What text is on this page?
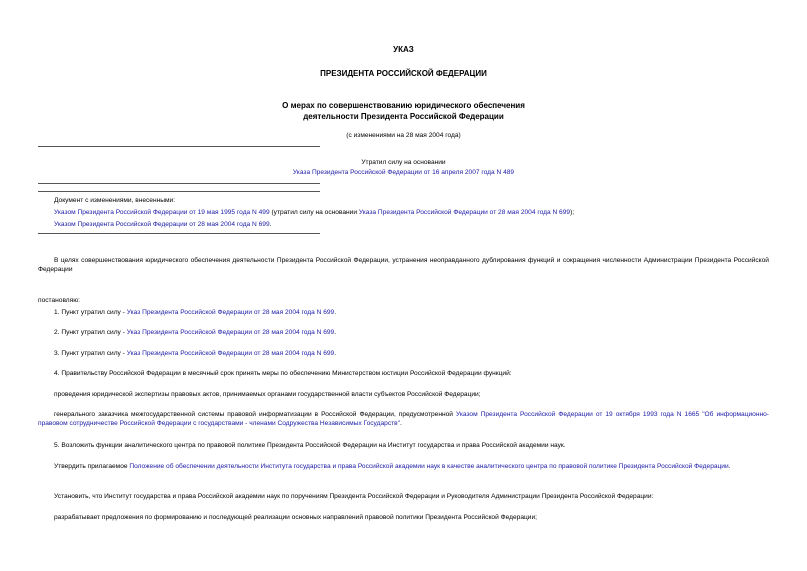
УКАЗ
ПРЕЗИДЕНТА РОССИЙСКОЙ ФЕДЕРАЦИИ
О мерах по совершенствованию юридического обеспечения
деятельности Президента Российской Федерации
(с изменениями на 28 мая 2004 года)
Утратил силу на основании
Указа Президента Российской Федерации от 16 апреля 2007 года N 489
Документ с изменениями, внесенными:
Указом Президента Российской Федерации от 19 мая 1995 года N 499 (утратил силу на основании Указа Президента Российской Федерации от 28 мая 2004 года N 699);
Указом Президента Российской Федерации от 28 мая 2004 года N 699.
В целях совершенствования юридического обеспечения деятельности Президента Российской Федерации, устранения неоправданного дублирования функций и сокращения численности Администрации Президента Российской Федерации
постановляю:
1. Пункт утратил силу - Указ Президента Российской Федерации от 28 мая 2004 года N 699.
2. Пункт утратил силу - Указ Президента Российской Федерации от 28 мая 2004 года N 699.
3. Пункт утратил силу - Указ Президента Российской Федерации от 28 мая 2004 года N 699.
4. Правительству Российской Федерации в месячный срок принять меры по обеспечению Министерством юстиции Российской Федерации функций:
проведения юридической экспертизы правовых актов, принимаемых органами государственной власти субъектов Российской Федерации;
генерального заказчика межгосударственной системы правовой информатизации в Российской Федерации, предусмотренной Указом Президента Российской Федерации от 19 октября 1993 года N 1665 "Об информационно-правовом сотрудничестве Российской Федерации с государствами - членами Содружества Независимых Государств".
5. Возложить функции аналитического центра по правовой политике Президента Российской Федерации на Институт государства и права Российской академии наук.
Утвердить прилагаемое Положение об обеспечении деятельности Института государства и права Российской академии наук в качестве аналитического центра по правовой политике Президента Российской Федерации.
Установить, что Институт государства и права Российской академии наук по поручениям Президента Российской Федерации и Руководителя Администрации Президента Российской Федерации:
разрабатывает предложения по формированию и последующей реализации основных направлений правовой политики Президента Российской Федерации;
